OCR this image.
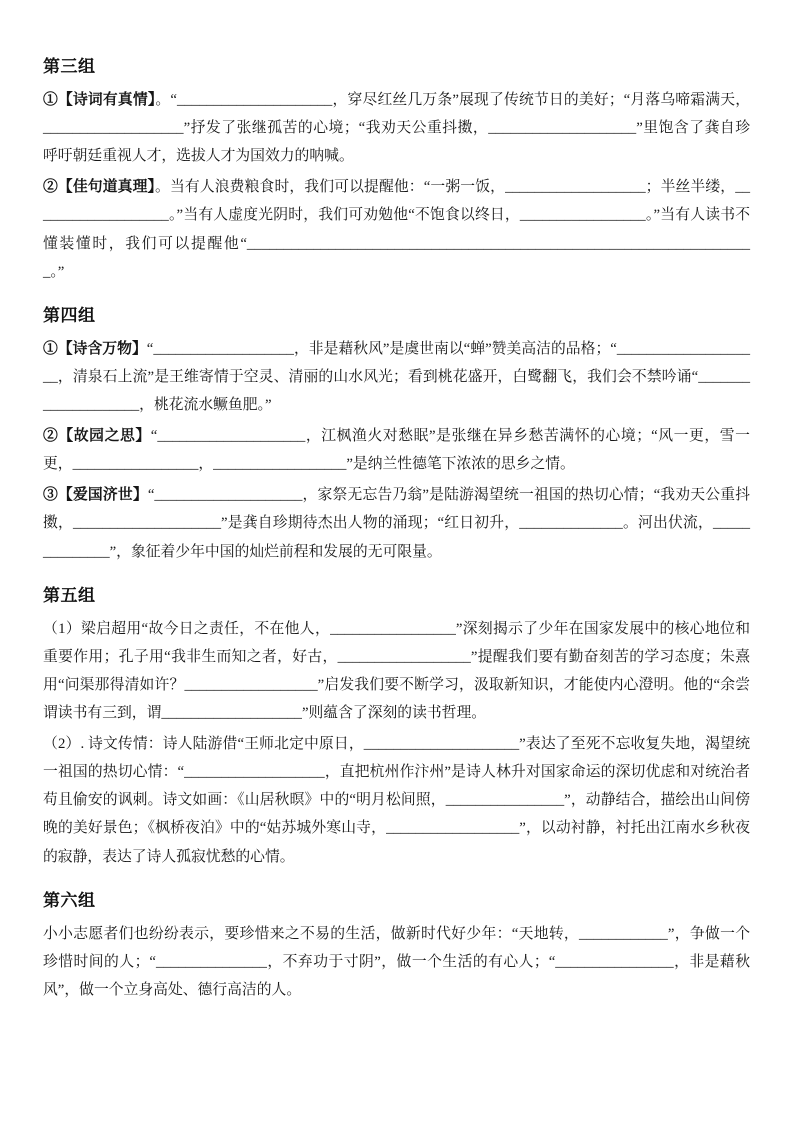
第三组

①【诗词有真情】。“_____________________，穿尽红丝几万条”展现了传统节日的美好；“月落乌啼霜满天，___________________”抒发了张继孤苦的心境；“我劝天公重抖擞，____________________”里饱含了龚自珍呼吁朝廷重视人才，选拔人才为国效力的呐喊。

②【佳句道真理】。当有人浪费粮食时，我们可以提醒他：“一粥一饭，___________________；半丝半缕，___________________。”当有人虚度光阴时，我们可劝勉他“不饱食以终日，_________________。”当有人读书不懂装懂时，我们可以提醒他“_____________________________________________________________________。”

第四组

①【诗含万物】“___________________，非是藉秋风”是虞世南以“蝉”赞美高洁的品格；“____________________，清泉石上流”是王维寄情于空灵、清丽的山水风光；看到桃花盛开，白鹭翻飞，我们会不禁吟诵“____________________，桃花流水鳜鱼肥。”

②【故园之思】“____________________，江枫渔火对愁眠”是张继在异乡愁苦满怀的心境；“风一更，雪一更，_________________，__________________”是纳兰性德笔下浓浓的思乡之情。

③【爱国济世】“____________________，家祭无忘告乃翁”是陆游渴望统一祖国的热切心情；“我劝天公重抖擞，____________________”是龚自珍期待杰出人物的涌现；“红日初升，______________。河出伏流，______________”，象征着少年中国的灿烂前程和发展的无可限量。

第五组

（1）梁启超用“故今日之责任，不在他人，_________________”深刻揭示了少年在国家发展中的核心地位和重要作用；孔子用“我非生而知之者，好古，__________________”提醒我们要有勤奋刻苦的学习态度；朱熹用“问渠那得清如许？__________________”启发我们要不断学习，汲取新知识，才能使内心澄明。他的“余尝谓读书有三到，谓___________________”则蕴含了深刻的读书哲理。

（2）. 诗文传情：诗人陆游借“王师北定中原日，_____________________”表达了至死不忘收复失地，渴望统一祖国的热切心情：“___________________，直把杭州作汴州”是诗人林升对国家命运的深切优虑和对统治者苟且偷安的讽刺。诗文如画：《山居秋暝》中的“明月松间照，________________”，动静结合，描绘出山间傍晚的美好景色；《枫桥夜泊》中的“姑苏城外寒山寺，__________________”，以动衬静，衬托出江南水乡秋夜的寂静，表达了诗人孤寂忧愁的心情。

第六组

小小志愿者们也纷纷表示，要珍惜来之不易的生活，做新时代好少年：“天地转，____________”，争做一个珍惜时间的人；“_______________，不弃功于寸阴”，做一个生活的有心人；“________________，非是藉秋风”，做一个立身高处、德行高洁的人。
